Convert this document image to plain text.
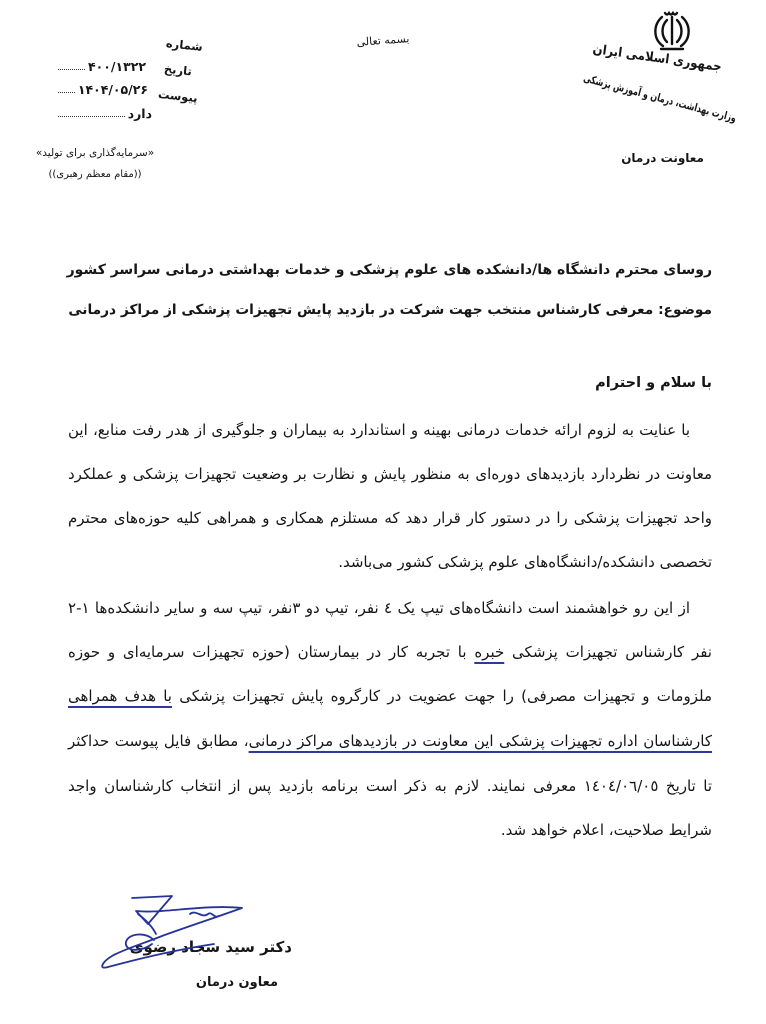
بسمه تعالی
جمهوری اسلامی ایران
وزارت بهداشت، درمان و آموزش پزشکی
معاونت درمان
شماره
۴۰۰/۱۳۲۲ تاریخ
۱۴۰۴/۰۵/۲۶ پیوست
دارد
«سرمایه‌گذاری برای تولید»
((مقام معظم رهبری))
روسای محترم دانشگاه ها/دانشکده های علوم پزشکی و خدمات بهداشتی درمانی سراسر کشور
موضوع: معرفی کارشناس منتخب جهت شرکت در بازدید پایش تجهیزات پزشکی از مراکز درمانی
با سلام و احترام
با عنایت به لزوم ارائه خدمات درمانی بهینه و استاندارد به بیماران و جلوگیری از هدر رفت منابع، این
معاونت در نظردارد بازدیدهای دوره‌ای به منظور پایش و نظارت بر وضعیت تجهیزات پزشکی و عملکرد
واحد تجهیزات پزشکی را در دستور کار قرار دهد که مستلزم همکاری و همراهی کلیه حوزه‌های محترم
تخصصی دانشکده/دانشگاه‌های علوم پزشکی کشور می‌باشد.
از این رو خواهشمند است دانشگاه‌های تیپ یک ٤ نفر، تیپ دو ۳نفر، تیپ سه و سایر دانشکده‌ها ۱-۲
نفر کارشناس تجهیزات پزشکی خبره با تجربه کار در بیمارستان (حوزه تجهیزات سرمایه‌ای و حوزه
ملزومات و تجهیزات مصرفی) را جهت عضویت در کارگروه پایش تجهیزات پزشکی با هدف همراهی
کارشناسان اداره تجهیزات پزشکی این معاونت در بازدیدهای مراکز درمانی، مطابق فایل پیوست حداکثر
تا تاریخ ١٤٠٤/٠٦/٠٥ معرفی نمایند. لازم به ذکر است برنامه بازدید پس از انتخاب کارشناسان واجد
شرایط صلاحیت، اعلام خواهد شد.
دکتر سید سجاد رضوی
معاون درمان
